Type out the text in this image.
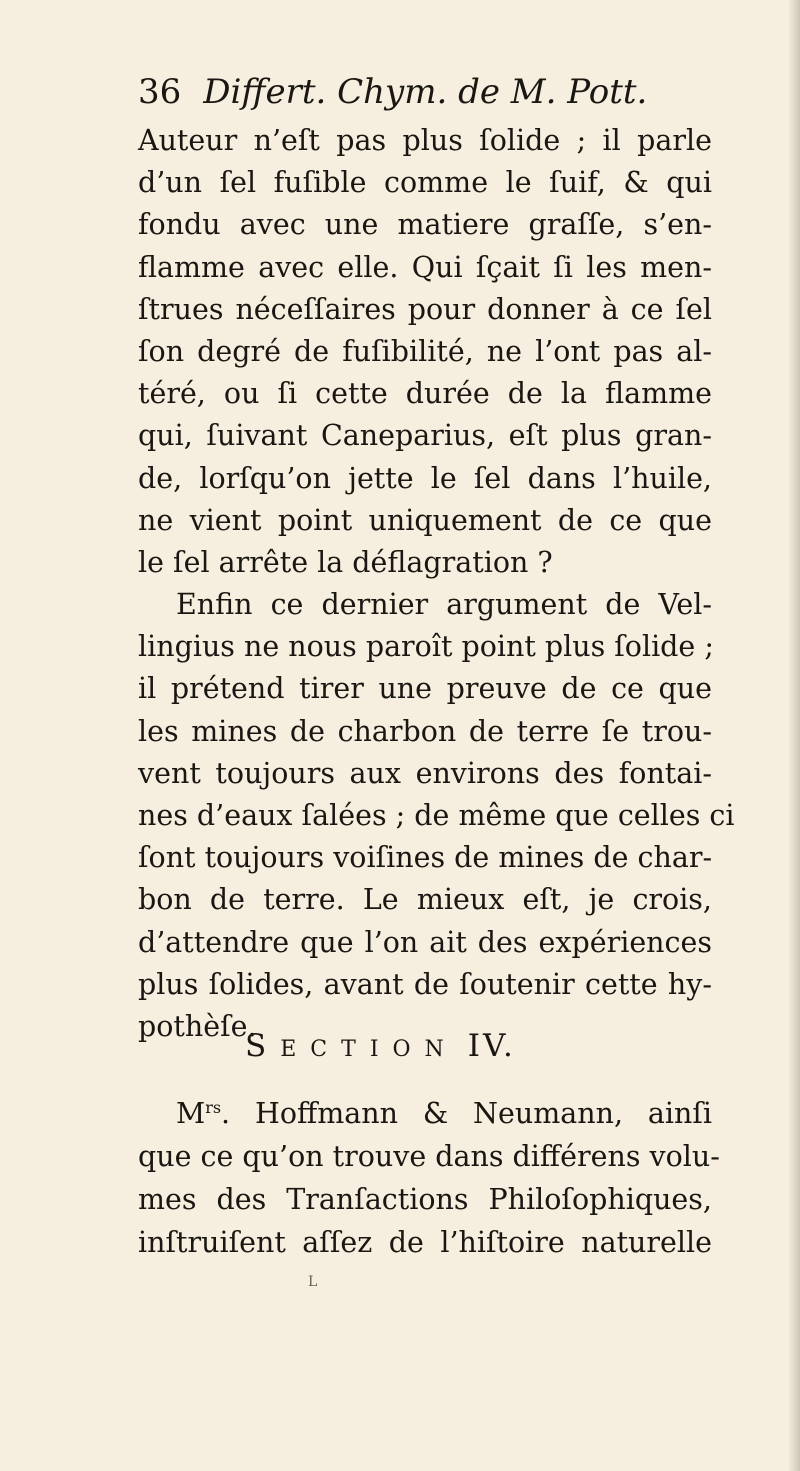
36 Differt. Chym. de M. Pott.
Auteur n’eſt pas plus ſolide ; il parle
d’un ſel fuſible comme le ſuif, & qui
fondu avec une matiere graſſe, s’en-
flamme avec elle. Qui ſçait ſi les men-
ſtrues néceſſaires pour donner à ce ſel
ſon degré de fuſibilité, ne l’ont pas al-
téré, ou ſi cette durée de la flamme
qui, ſuivant Caneparius, eſt plus gran-
de, lorſqu’on jette le ſel dans l’huile,
ne vient point uniquement de ce que
le ſel arrête la déflagration ?
Enfin ce dernier argument de Vel-
lingius ne nous paroît point plus ſolide ;
il prétend tirer une preuve de ce que
les mines de charbon de terre ſe trou-
vent toujours aux environs des fontai-
nes d’eaux ſalées ; de même que celles ci
ſont toujours voiſines de mines de char-
bon de terre. Le mieux eſt, je crois,
d’attendre que l’on ait des expériences
plus ſolides, avant de ſoutenir cette hy-
pothèſe.
SECTION IV.
$M^{rs}$. Hoffmann & Neumann, ainſi
que ce qu’on trouve dans différens volu-
mes des Tranſactions Philoſophiques,
inſtruiſent aſſez de l’hiſtoire naturelle
L
